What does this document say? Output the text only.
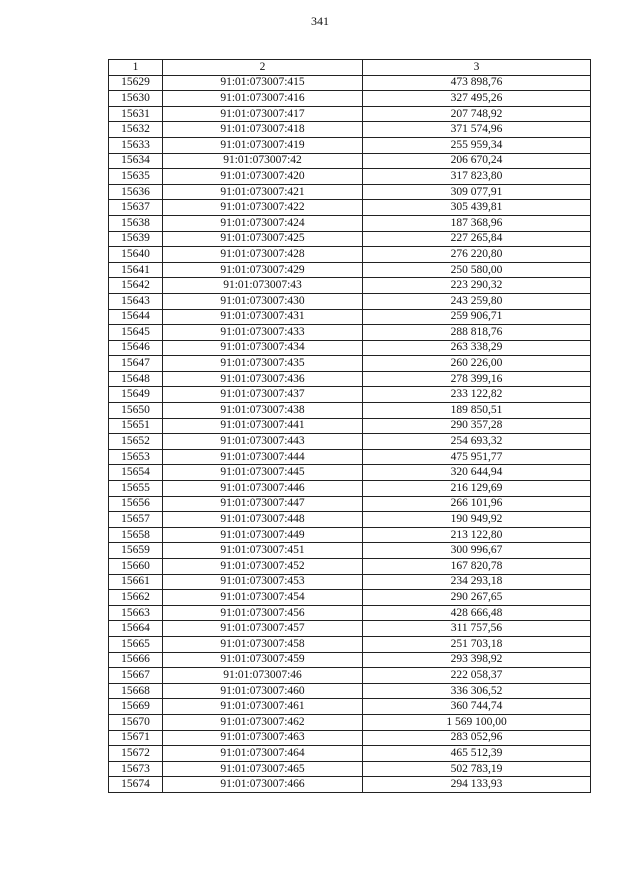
341
1	2	3
15629	91:01:073007:415	473 898,76
15630	91:01:073007:416	327 495,26
15631	91:01:073007:417	207 748,92
15632	91:01:073007:418	371 574,96
15633	91:01:073007:419	255 959,34
15634	91:01:073007:42	206 670,24
15635	91:01:073007:420	317 823,80
15636	91:01:073007:421	309 077,91
15637	91:01:073007:422	305 439,81
15638	91:01:073007:424	187 368,96
15639	91:01:073007:425	227 265,84
15640	91:01:073007:428	276 220,80
15641	91:01:073007:429	250 580,00
15642	91:01:073007:43	223 290,32
15643	91:01:073007:430	243 259,80
15644	91:01:073007:431	259 906,71
15645	91:01:073007:433	288 818,76
15646	91:01:073007:434	263 338,29
15647	91:01:073007:435	260 226,00
15648	91:01:073007:436	278 399,16
15649	91:01:073007:437	233 122,82
15650	91:01:073007:438	189 850,51
15651	91:01:073007:441	290 357,28
15652	91:01:073007:443	254 693,32
15653	91:01:073007:444	475 951,77
15654	91:01:073007:445	320 644,94
15655	91:01:073007:446	216 129,69
15656	91:01:073007:447	266 101,96
15657	91:01:073007:448	190 949,92
15658	91:01:073007:449	213 122,80
15659	91:01:073007:451	300 996,67
15660	91:01:073007:452	167 820,78
15661	91:01:073007:453	234 293,18
15662	91:01:073007:454	290 267,65
15663	91:01:073007:456	428 666,48
15664	91:01:073007:457	311 757,56
15665	91:01:073007:458	251 703,18
15666	91:01:073007:459	293 398,92
15667	91:01:073007:46	222 058,37
15668	91:01:073007:460	336 306,52
15669	91:01:073007:461	360 744,74
15670	91:01:073007:462	1 569 100,00
15671	91:01:073007:463	283 052,96
15672	91:01:073007:464	465 512,39
15673	91:01:073007:465	502 783,19
15674	91:01:073007:466	294 133,93
